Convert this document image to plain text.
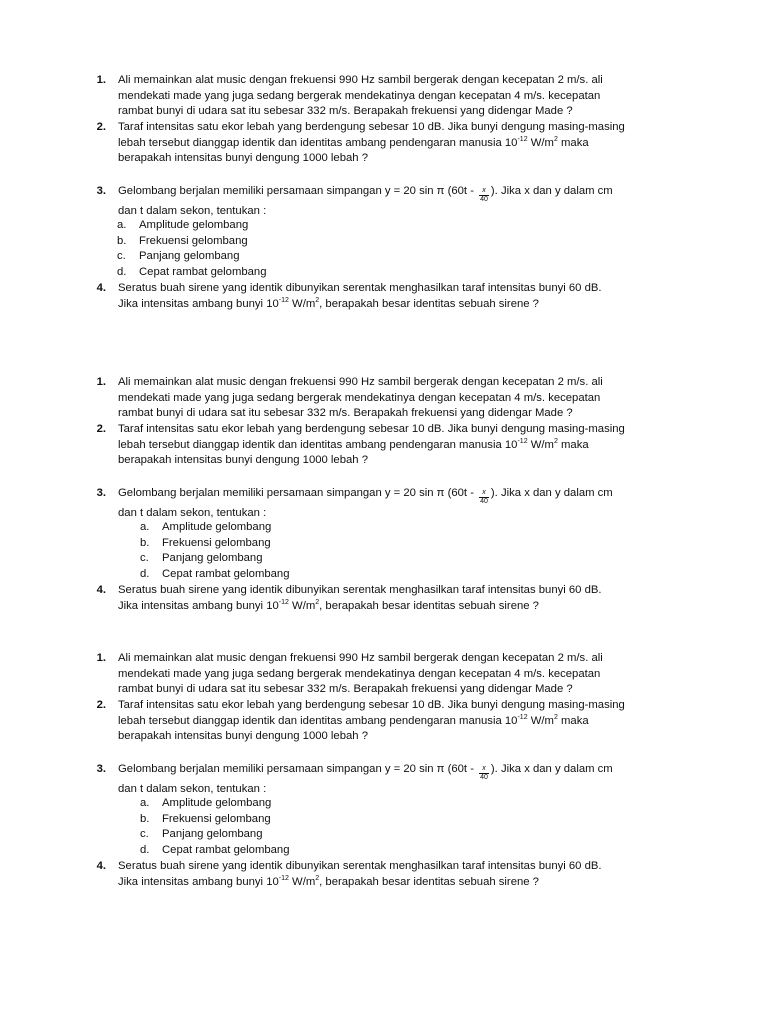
1. Ali memainkan alat music dengan frekuensi 990 Hz sambil bergerak dengan kecepatan 2 m/s. ali

mendekati made yang juga sedang bergerak mendekatinya dengan kecepatan 4 m/s. kecepatan

rambat bunyi di udara sat itu sebesar 332 m/s. Berapakah frekuensi yang didengar Made ?

2. Taraf intensitas satu ekor lebah yang berdengung sebesar 10 dB. Jika bunyi dengung masing-masing

lebah tersebut dianggap identik dan identitas ambang pendengaran manusia $10^{-12}$ $W/m^2$ maka

berapakah intensitas bunyi dengung 1000 lebah ?

3. Gelombang berjalan memiliki persamaan simpangan y = 20 sin π ($60t - \frac{x}{40}$ ). Jika x dan y dalam cm

dan t dalam sekon, tentukan :

a. Amplitude gelombang
b. Frekuensi gelombang
c. Panjang gelombang
d. Cepat rambat gelombang
4. Seratus buah sirene yang identik dibunyikan serentak menghasilkan taraf intensitas bunyi 60 dB.

Jika intensitas ambang bunyi $10^{-12}$ $W/m^2$, berapakah besar identitas sebuah sirene ?

1. Ali memainkan alat music dengan frekuensi 990 Hz sambil bergerak dengan kecepatan 2 m/s. ali

mendekati made yang juga sedang bergerak mendekatinya dengan kecepatan 4 m/s. kecepatan

rambat bunyi di udara sat itu sebesar 332 m/s. Berapakah frekuensi yang didengar Made ?

2. Taraf intensitas satu ekor lebah yang berdengung sebesar 10 dB. Jika bunyi dengung masing-masing

lebah tersebut dianggap identik dan identitas ambang pendengaran manusia $10^{-12}$ $W/m^2$ maka

berapakah intensitas bunyi dengung 1000 lebah ?

3. Gelombang berjalan memiliki persamaan simpangan y = 20 sin π ($60t - \frac{x}{40}$ ). Jika x dan y dalam cm

dan t dalam sekon, tentukan :

a. Amplitude gelombang
b. Frekuensi gelombang
c. Panjang gelombang
d. Cepat rambat gelombang
4. Seratus buah sirene yang identik dibunyikan serentak menghasilkan taraf intensitas bunyi 60 dB.

Jika intensitas ambang bunyi $10^{-12}$ $W/m^2$, berapakah besar identitas sebuah sirene ?

1. Ali memainkan alat music dengan frekuensi 990 Hz sambil bergerak dengan kecepatan 2 m/s. ali

mendekati made yang juga sedang bergerak mendekatinya dengan kecepatan 4 m/s. kecepatan

rambat bunyi di udara sat itu sebesar 332 m/s. Berapakah frekuensi yang didengar Made ?

2. Taraf intensitas satu ekor lebah yang berdengung sebesar 10 dB. Jika bunyi dengung masing-masing

lebah tersebut dianggap identik dan identitas ambang pendengaran manusia $10^{-12}$ $W/m^2$ maka

berapakah intensitas bunyi dengung 1000 lebah ?

3. Gelombang berjalan memiliki persamaan simpangan y = 20 sin π ($60t - \frac{x}{40}$ ). Jika x dan y dalam cm

dan t dalam sekon, tentukan :

a. Amplitude gelombang
b. Frekuensi gelombang
c. Panjang gelombang
d. Cepat rambat gelombang
4. Seratus buah sirene yang identik dibunyikan serentak menghasilkan taraf intensitas bunyi 60 dB.

Jika intensitas ambang bunyi $10^{-12}$ $W/m^2$, berapakah besar identitas sebuah sirene ?
